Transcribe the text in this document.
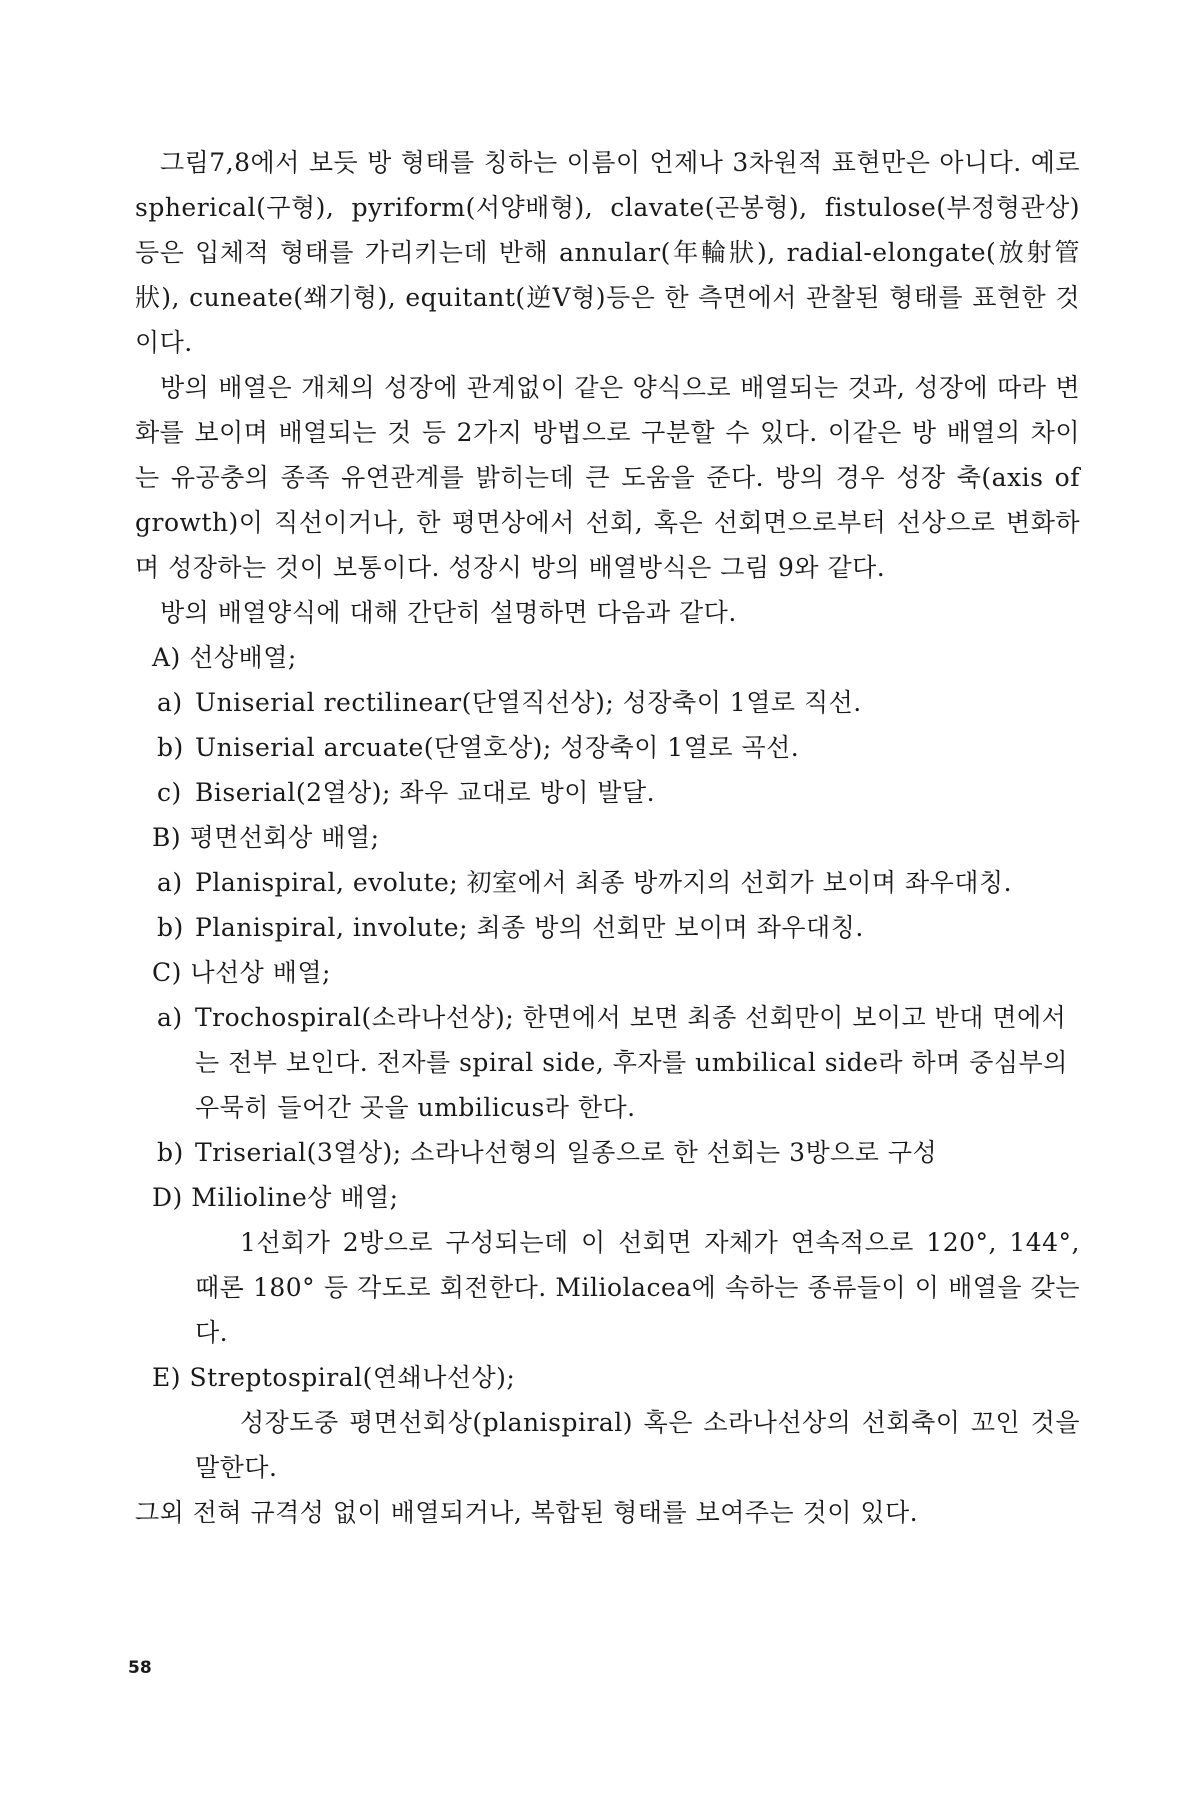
그림7,8에서 보듯 방 형태를 칭하는 이름이 언제나 3차원적 표현만은 아니다. 예로 spherical(구형), pyriform(서양배형), clavate(곤봉형), fistulose(부정형관상) 등은 입체적 형태를 가리키는데 반해 annular(年輪狀), radial-elongate(放射管狀), cuneate(쐐기형), equitant(逆V형)등은 한 측면에서 관찰된 형태를 표현한 것이다.

방의 배열은 개체의 성장에 관계없이 같은 양식으로 배열되는 것과, 성장에 따라 변화를 보이며 배열되는 것 등 2가지 방법으로 구분할 수 있다. 이같은 방 배열의 차이는 유공충의 종족 유연관계를 밝히는데 큰 도움을 준다. 방의 경우 성장 축(axis of growth)이 직선이거나, 한 평면상에서 선회, 혹은 선회면으로부터 선상으로 변화하며 성장하는 것이 보통이다. 성장시 방의 배열방식은 그림 9와 같다.

방의 배열양식에 대해 간단히 설명하면 다음과 같다.

A) 선상배열;

a) Uniserial rectilinear(단열직선상); 성장축이 1열로 직선.

b) Uniserial arcuate(단열호상); 성장축이 1열로 곡선.

c) Biserial(2열상); 좌우 교대로 방이 발달.

B) 평면선회상 배열;

a) Planispiral, evolute; 初室에서 최종 방까지의 선회가 보이며 좌우대칭.

b) Planispiral, involute; 최종 방의 선회만 보이며 좌우대칭.

C) 나선상 배열;

a) Trochospiral(소라나선상); 한면에서 보면 최종 선회만이 보이고 반대 면에서는 전부 보인다. 전자를 spiral side, 후자를 umbilical side라 하며 중심부의 우묵히 들어간 곳을 umbilicus라 한다.

b) Triserial(3열상); 소라나선형의 일종으로 한 선회는 3방으로 구성

D) Milioline상 배열;

1선회가 2방으로 구성되는데 이 선회면 자체가 연속적으로 120°, 144°, 때론 180° 등 각도로 회전한다. Miliolacea에 속하는 종류들이 이 배열을 갖는다.

E) Streptospiral(연쇄나선상);

성장도중 평면선회상(planispiral) 혹은 소라나선상의 선회축이 꼬인 것을 말한다.

그외 전혀 규격성 없이 배열되거나, 복합된 형태를 보여주는 것이 있다.

58
